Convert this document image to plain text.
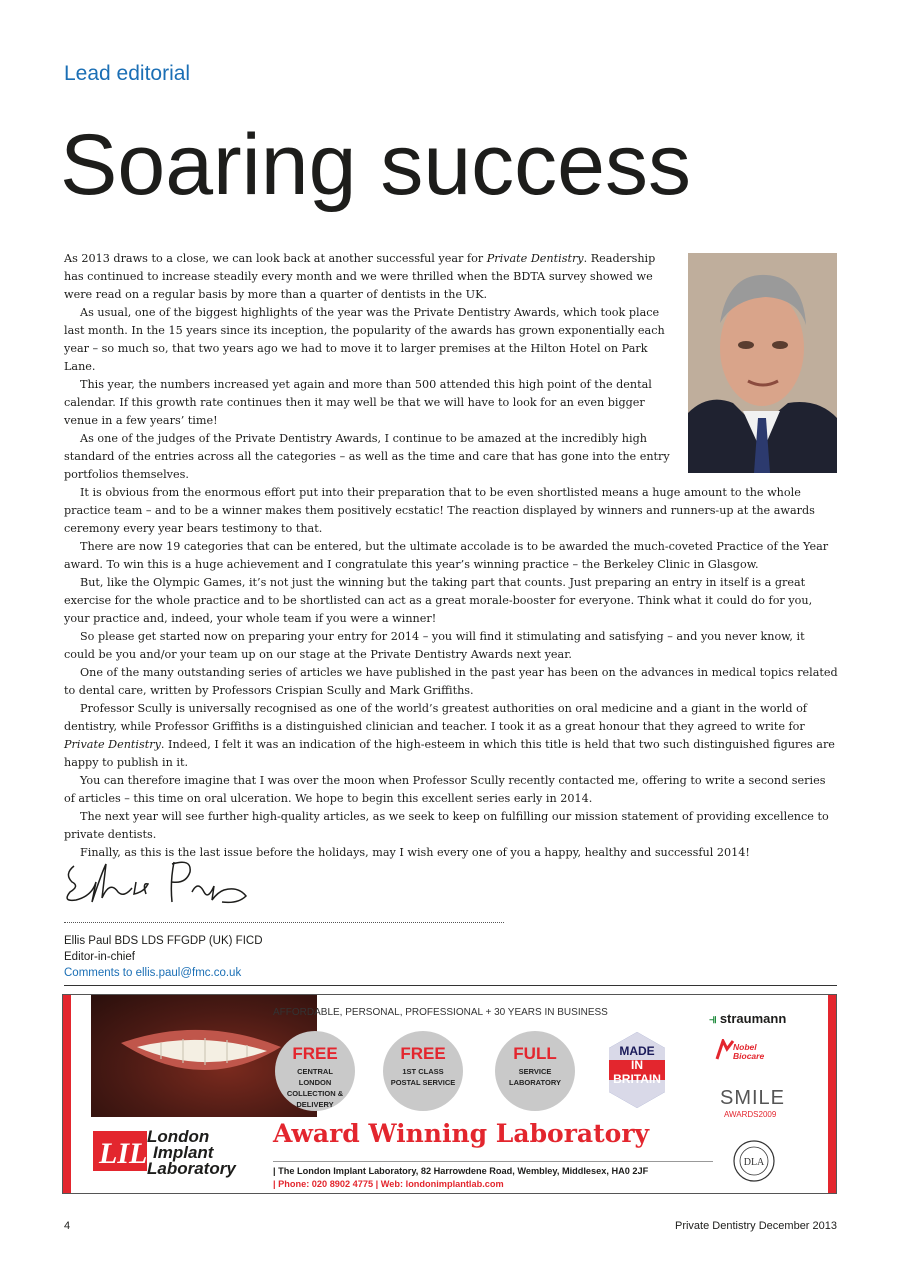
Lead editorial
Soaring success

As 2013 draws to a close, we can look back at another successful year for Private Dentistry. Readership has continued to increase steadily every month and we were thrilled when the BDTA survey showed we were read on a regular basis by more than a quarter of dentists in the UK.

As usual, one of the biggest highlights of the year was the Private Dentistry Awards, which took place last month. In the 15 years since its inception, the popularity of the awards has grown exponentially each year – so much so, that two years ago we had to move it to larger premises at the Hilton Hotel on Park Lane.

This year, the numbers increased yet again and more than 500 attended this high point of the dental calendar. If this growth rate continues then it may well be that we will have to look for an even bigger venue in a few years’ time!

As one of the judges of the Private Dentistry Awards, I continue to be amazed at the incredibly high standard of the entries across all the categories – as well as the time and care that has gone into the entry portfolios themselves.

It is obvious from the enormous effort put into their preparation that to be even shortlisted means a huge amount to the whole practice team – and to be a winner makes them positively ecstatic! The reaction displayed by winners and runners-up at the awards ceremony every year bears testimony to that.

There are now 19 categories that can be entered, but the ultimate accolade is to be awarded the much-coveted Practice of the Year award. To win this is a huge achievement and I congratulate this year’s winning practice – the Berkeley Clinic in Glasgow.

But, like the Olympic Games, it’s not just the winning but the taking part that counts. Just preparing an entry in itself is a great exercise for the whole practice and to be shortlisted can act as a great morale-booster for everyone. Think what it could do for you, your practice and, indeed, your whole team if you were a winner!

So please get started now on preparing your entry for 2014 – you will find it stimulating and satisfying – and you never know, it could be you and/or your team up on our stage at the Private Dentistry Awards next year.

One of the many outstanding series of articles we have published in the past year has been on the advances in medical topics related to dental care, written by Professors Crispian Scully and Mark Griffiths.

Professor Scully is universally recognised as one of the world’s greatest authorities on oral medicine and a giant in the world of dentistry, while Professor Griffiths is a distinguished clinician and teacher. I took it as a great honour that they agreed to write for Private Dentistry. Indeed, I felt it was an indication of the high-esteem in which this title is held that two such distinguished figures are happy to publish in it.

You can therefore imagine that I was over the moon when Professor Scully recently contacted me, offering to write a second series of articles – this time on oral ulceration. We hope to begin this excellent series early in 2014.

The next year will see further high-quality articles, as we seek to keep on fulfilling our mission statement of providing excellence to private dentists.

Finally, as this is the last issue before the holidays, may I wish every one of you a happy, healthy and successful 2014!

Ellis Paul BDS LDS FFGDP (UK) FICD
Editor-in-chief
Comments to ellis.paul@fmc.co.uk
AFFORDABLE, PERSONAL, PROFESSIONAL + 30 YEARS IN BUSINESS
FREE
CENTRAL LONDON COLLECTION & DELIVERY
FREE
1ST CLASS POSTAL SERVICE
FULL
SERVICE LABORATORY
MADE
IN
BRITAIN
LIL
London
Implant
Laboratory
Award Winning Laboratory
| The London Implant Laboratory, 82 Harrowdene Road, Wembley, Middlesex, HA0 2JF
| Phone: 020 8902 4775 | Web: londonimplantlab.com
⫣ straumann
Nobel
Biocare
SMILE
AWARDS2009
DLA
4	Private Dentistry December 2013
